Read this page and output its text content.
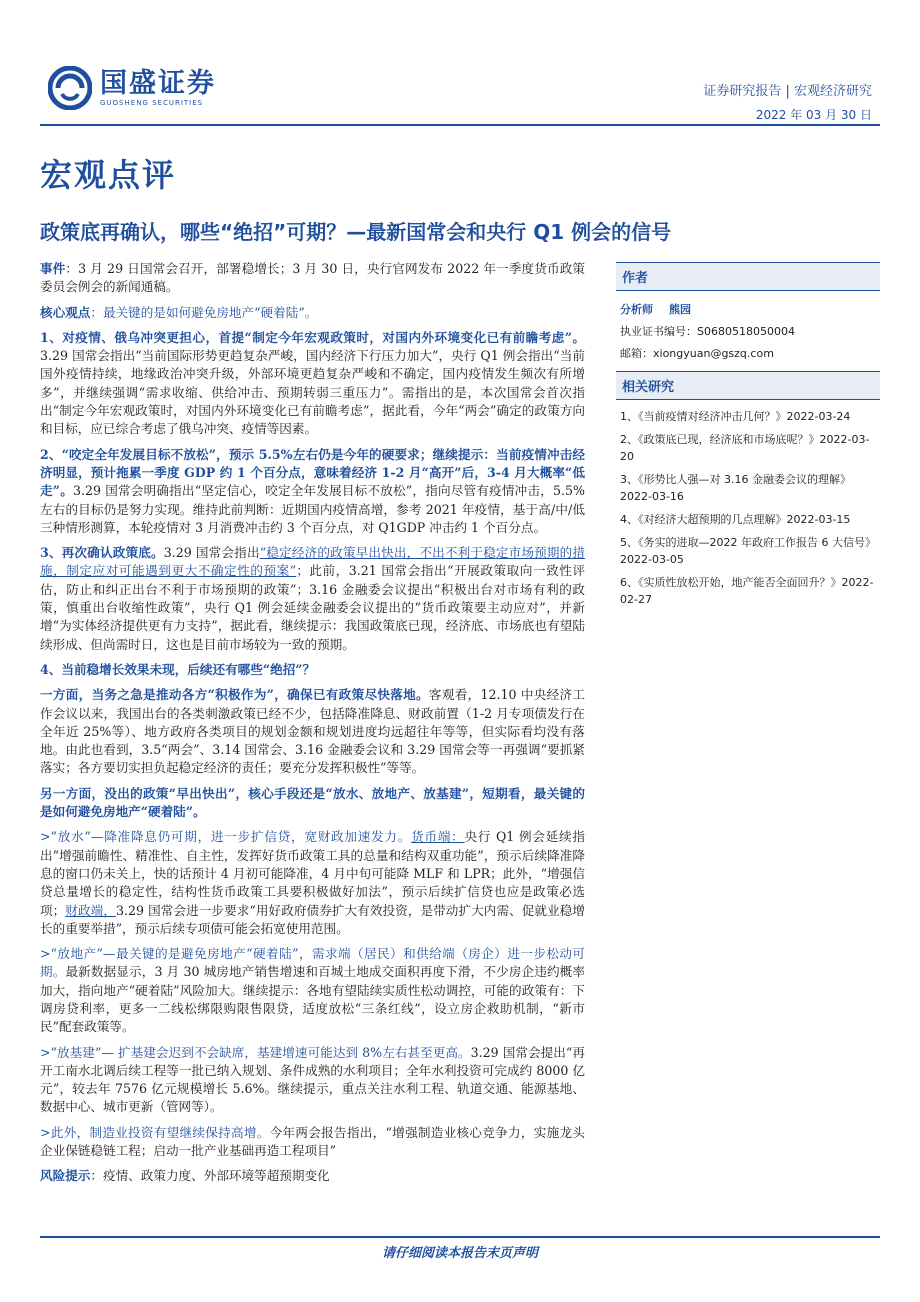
国盛证券
GUOSHENG SECURITIES
证券研究报告 | 宏观经济研究
2022 年 03 月 30 日
宏观点评
政策底再确认，哪些“绝招”可期？—最新国常会和央行 Q1 例会的信号

事件：3 月 29 日国常会召开，部署稳增长；3 月 30 日，央行官网发布 2022 年一季度货币政策委员会例会的新闻通稿。

核心观点：最关键的是如何避免房地产“硬着陆”。

1、对疫情、俄乌冲突更担心，首提“制定今年宏观政策时，对国内外环境变化已有前瞻考虑”。3.29 国常会指出“当前国际形势更趋复杂严峻，国内经济下行压力加大”，央行 Q1 例会指出“当前国外疫情持续，地缘政治冲突升级，外部环境更趋复杂严峻和不确定，国内疫情发生频次有所增多”，并继续强调“需求收缩、供给冲击、预期转弱三重压力”。需指出的是，本次国常会首次指出“制定今年宏观政策时，对国内外环境变化已有前瞻考虑”，据此看，今年“两会”确定的政策方向和目标，应已综合考虑了俄乌冲突、疫情等因素。

2、“咬定全年发展目标不放松”，预示 5.5%左右仍是今年的硬要求；继续提示：当前疫情冲击经济明显，预计拖累一季度 GDP 约 1 个百分点，意味着经济 1-2 月“高开”后，3-4 月大概率“低走”。3.29 国常会明确指出“坚定信心，咬定全年发展目标不放松”，指向尽管有疫情冲击，5.5%左右的目标仍是努力实现。维持此前判断：近期国内疫情高增，参考 2021 年疫情，基于高/中/低三种情形测算，本轮疫情对 3 月消费冲击约 3 个百分点，对 Q1GDP 冲击约 1 个百分点。

3、再次确认政策底。3.29 国常会指出“稳定经济的政策早出快出，不出不利于稳定市场预期的措施，制定应对可能遇到更大不确定性的预案”；此前，3.21 国常会指出“开展政策取向一致性评估，防止和纠正出台不利于市场预期的政策”；3.16 金融委会议提出“积极出台对市场有利的政策，慎重出台收缩性政策”，央行 Q1 例会延续金融委会议提出的“货币政策要主动应对”，并新增“为实体经济提供更有力支持”，据此看，继续提示：我国政策底已现，经济底、市场底也有望陆续形成、但尚需时日，这也是目前市场较为一致的预期。

4、当前稳增长效果未现，后续还有哪些“绝招”？

一方面，当务之急是推动各方“积极作为”，确保已有政策尽快落地。客观看，12.10 中央经济工作会议以来，我国出台的各类刺激政策已经不少，包括降准降息、财政前置（1-2 月专项债发行在全年近 25%等）、地方政府各类项目的规划金额和规划进度均远超往年等等，但实际看均没有落地。由此也看到，3.5“两会”、3.14 国常会、3.16 金融委会议和 3.29 国常会等一再强调“要抓紧落实；各方要切实担负起稳定经济的责任；要充分发挥积极性”等等。

另一方面，没出的政策“早出快出”，核心手段还是“放水、放地产、放基建”，短期看，最关键的是如何避免房地产“硬着陆”。

>“放水”—降准降息仍可期，进一步扩信贷，宽财政加速发力。货币端：央行 Q1 例会延续指出“增强前瞻性、精准性、自主性，发挥好货币政策工具的总量和结构双重功能”，预示后续降准降息的窗口仍未关上，快的话预计 4 月初可能降准，4 月中旬可能降 MLF 和 LPR；此外，“增强信贷总量增长的稳定性，结构性货币政策工具要积极做好加法”，预示后续扩信贷也应是政策必选项；财政端，3.29 国常会进一步要求“用好政府债券扩大有效投资，是带动扩大内需、促就业稳增长的重要举措”，预示后续专项债可能会拓宽使用范围。

>“放地产”—最关键的是避免房地产“硬着陆”，需求端（居民）和供给端（房企）进一步松动可期。最新数据显示，3 月 30 城房地产销售增速和百城土地成交面积再度下滑，不少房企违约概率加大，指向地产“硬着陆”风险加大。继续提示：各地有望陆续实质性松动调控，可能的政策有：下调房贷利率，更多一二线松绑限购限售限贷，适度放松“三条红线”，设立房企救助机制，“新市民”配套政策等。

>“放基建”— 扩基建会迟到不会缺席，基建增速可能达到 8%左右甚至更高。3.29 国常会提出“再开工南水北调后续工程等一批已纳入规划、条件成熟的水利项目；全年水利投资可完成约 8000 亿元”，较去年 7576 亿元规模增长 5.6%。继续提示，重点关注水利工程、轨道交通、能源基地、数据中心、城市更新（管网等）。

>此外，制造业投资有望继续保持高增。今年两会报告指出，“增强制造业核心竞争力，实施龙头企业保链稳链工程；启动一批产业基础再造工程项目”

风险提示：疫情、政策力度、外部环境等超预期变化

作者
分析师 熊园
执业证书编号：S0680518050004
邮箱：xiongyuan@gszq.com
相关研究
1、《当前疫情对经济冲击几何？》2022-03-24
2、《政策底已现，经济底和市场底呢？》2022-03-20
3、《形势比人强—对 3.16 金融委会议的理解》2022-03-16
4、《对经济大超预期的几点理解》2022-03-15
5、《务实的进取—2022 年政府工作报告 6 大信号》2022-03-05
6、《实质性放松开始，地产能否全面回升？》2022-02-27
请仔细阅读本报告末页声明
